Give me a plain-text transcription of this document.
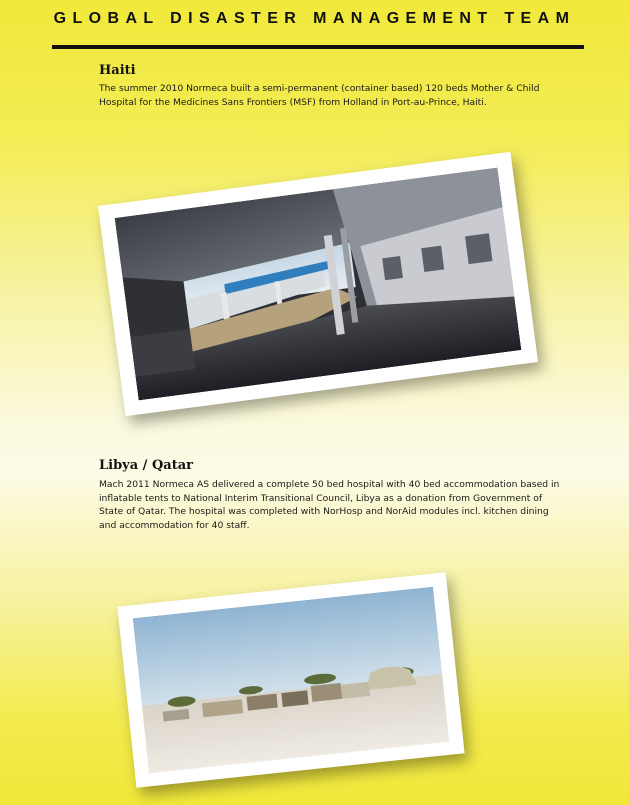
GLOBAL DISASTER MANAGEMENT TEAM
Haiti
The summer 2010 Normeca built a semi-permanent (container based) 120 beds Mother & Child
Hospital for the Medicines Sans Frontiers (MSF) from Holland in Port-au-Prince, Haiti.
Libya / Qatar
Mach 2011 Normeca AS delivered a complete 50 bed hospital with 40 bed accommodation based in
inflatable tents to National Interim Transitional Council, Libya as a donation from Government of
State of Qatar. The hospital was completed with NorHosp and NorAid modules incl. kitchen dining
and accommodation for 40 staff.
